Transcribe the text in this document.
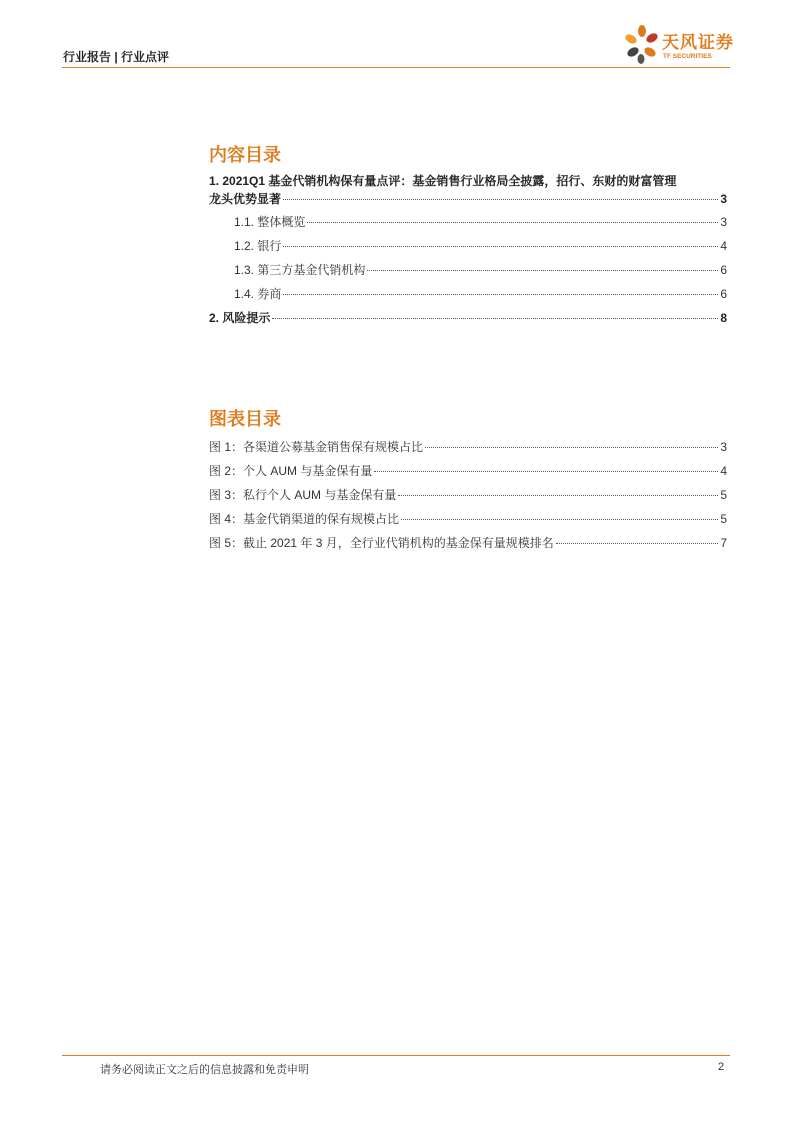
行业报告 | 行业点评
天风证券
TF SECURITIES
内容目录
1. 2021Q1 基金代销机构保有量点评：基金销售行业格局全披露，招行、东财的财富管理
龙头优势显著	3
1.1. 整体概览	3
1.2. 银行	4
1.3. 第三方基金代销机构	6
1.4. 券商	6
2. 风险提示	8
图表目录
图 1：各渠道公募基金销售保有规模占比	3
图 2：个人 AUM 与基金保有量	4
图 3：私行个人 AUM 与基金保有量	5
图 4：基金代销渠道的保有规模占比	5
图 5：截止 2021 年 3 月，全行业代销机构的基金保有量规模排名	7
请务必阅读正文之后的信息披露和免责申明	2
